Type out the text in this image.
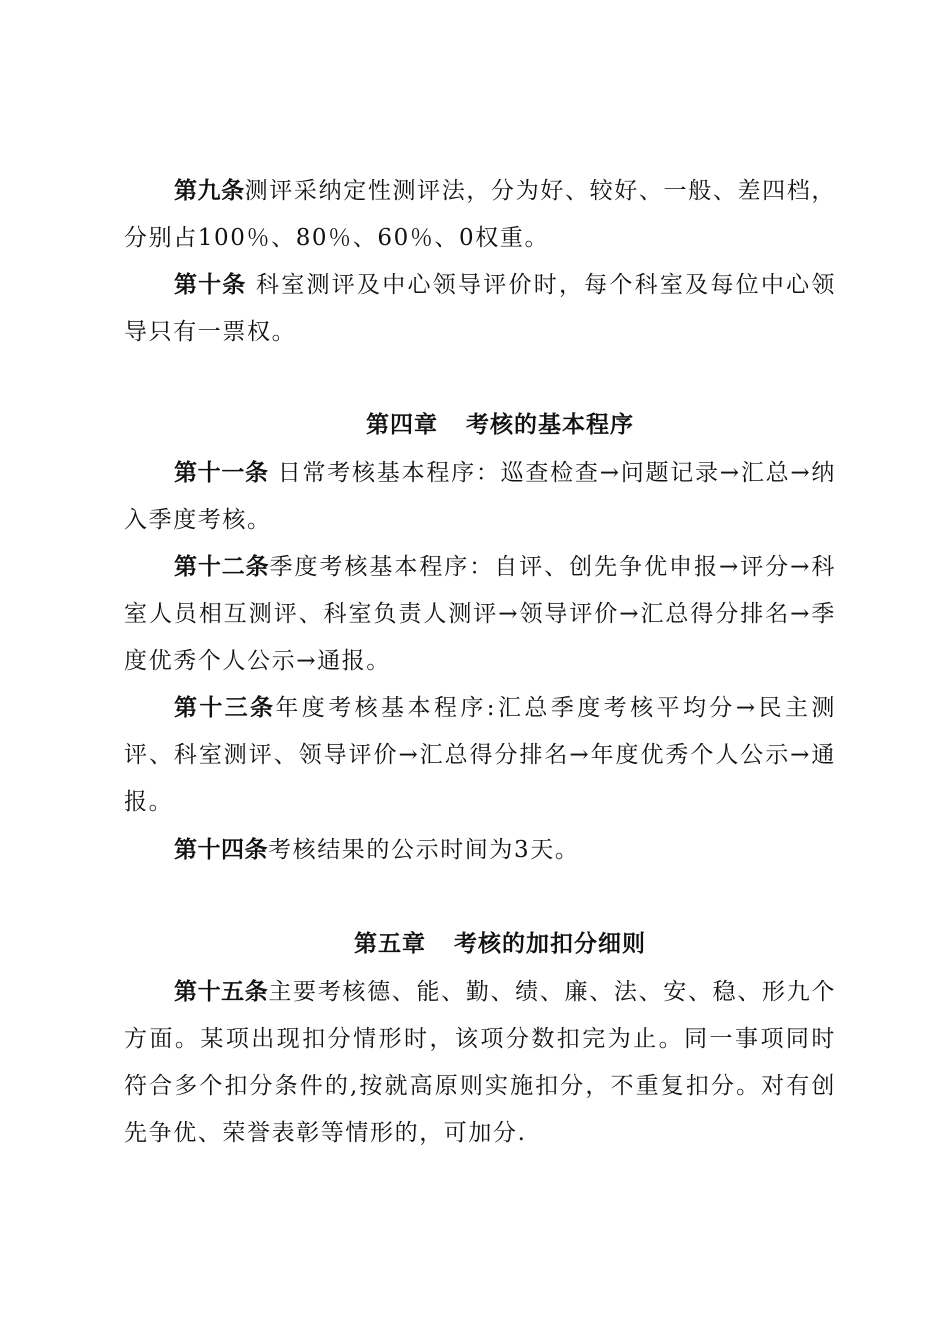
第九条测评采纳定性测评法，分为好、较好、一般、差四档，分别占100％、80％、60％、0权重。

第十条 科室测评及中心领导评价时，每个科室及每位中心领导只有一票权。

第四章 考核的基本程序

第十一条 日常考核基本程序：巡查检查→问题记录→汇总→纳入季度考核。

第十二条季度考核基本程序：自评、创先争优申报→评分→科室人员相互测评、科室负责人测评→领导评价→汇总得分排名→季度优秀个人公示→通报。

第十三条年度考核基本程序:汇总季度考核平均分→民主测评、科室测评、领导评价→汇总得分排名→年度优秀个人公示→通报。

第十四条考核结果的公示时间为3天。

第五章 考核的加扣分细则

第十五条主要考核德、能、勤、绩、廉、法、安、稳、形九个方面。某项出现扣分情形时，该项分数扣完为止。同一事项同时符合多个扣分条件的,按就高原则实施扣分，不重复扣分。对有创先争优、荣誉表彰等情形的，可加分.
